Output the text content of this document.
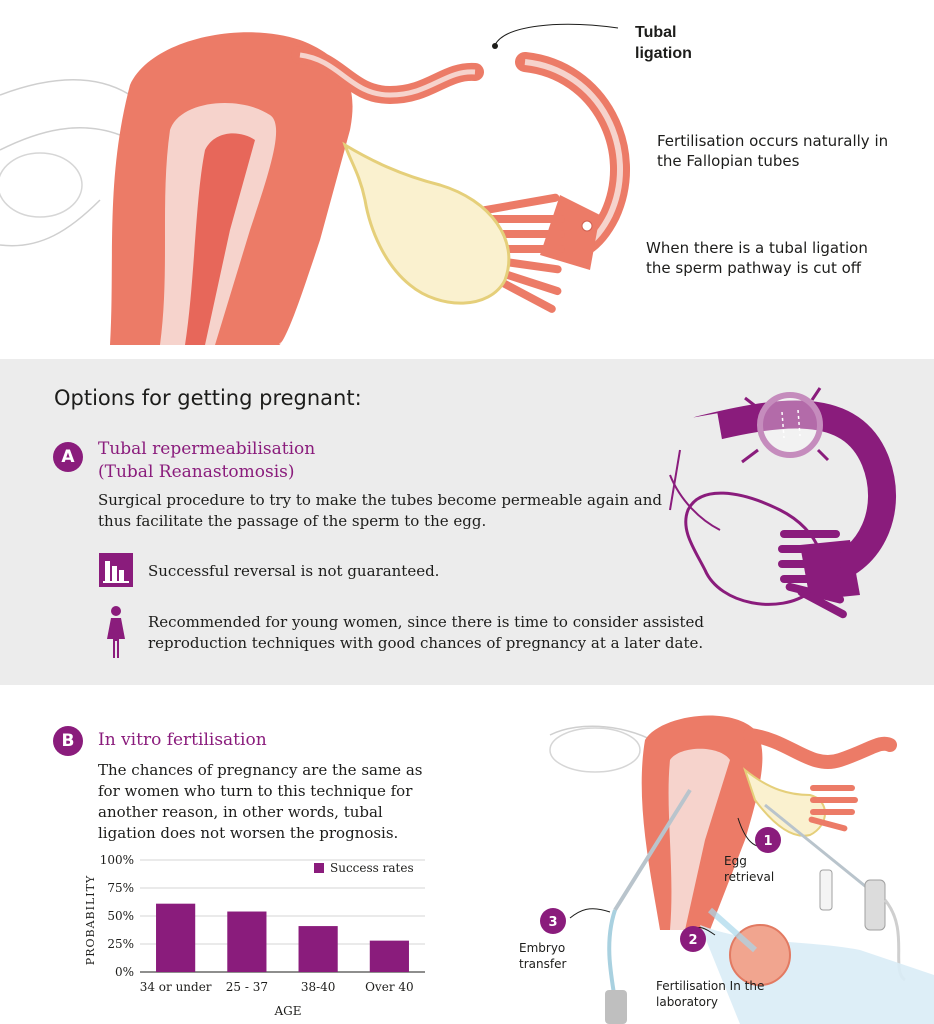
Tubal ligation
Fertilisation occurs naturally in the Fallopian tubes
When there is a tubal ligation the sperm pathway is cut off
Options for getting pregnant:
A	Tubal repermeabilisation
(Tubal Reanastomosis)
Surgical procedure to try to make the tubes become permeable again and thus facilitate the passage of the sperm to the egg.
Successful reversal is not guaranteed.
Recommended for young women, since there is time to consider assisted reproduction techniques with good chances of pregnancy at a later date.
B	In vitro fertilisation
The chances of pregnancy are the same as for women who turn to this technique for another reason, in other words, tubal ligation does not worsen the prognosis.
34 or under 25 - 37	38-40 Over 40
0%
25%
50%
75%
100%
PROBABILITY
AGE
Success rates
1
2
3
Egg retrieval
Fertilisation In the laboratory
Embryo transfer
